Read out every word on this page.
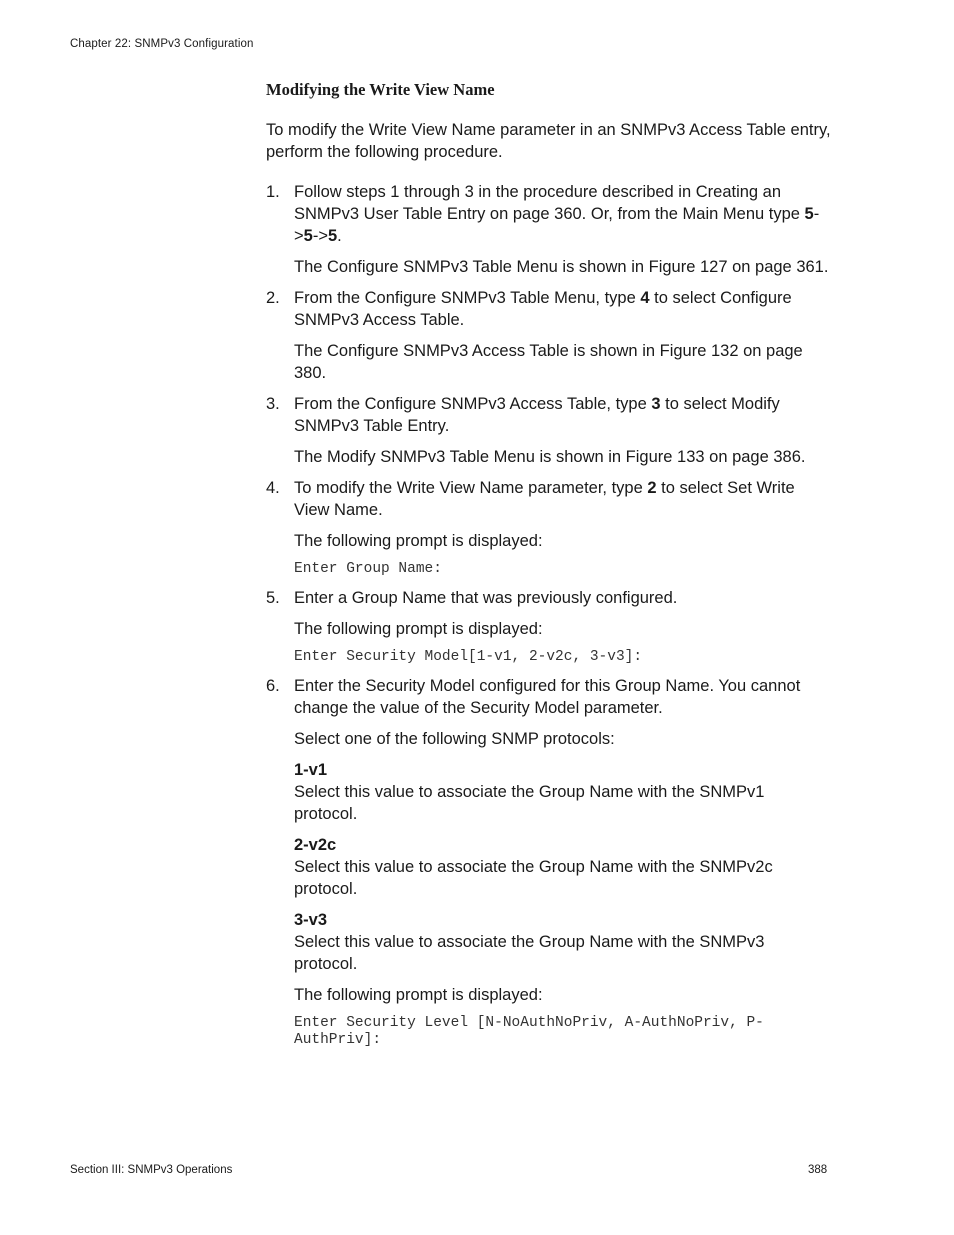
Chapter 22: SNMPv3 Configuration
Modifying the Write View Name

To modify the Write View Name parameter in an SNMPv3 Access Table entry, perform the following procedure.

1. Follow steps 1 through 3 in the procedure described in Creating an SNMPv3 User Table Entry on page 360. Or, from the Main Menu type 5->5->5.

The Configure SNMPv3 Table Menu is shown in Figure 127 on page 361.

2. From the Configure SNMPv3 Table Menu, type 4 to select Configure SNMPv3 Access Table.

The Configure SNMPv3 Access Table is shown in Figure 132 on page 380.

3. From the Configure SNMPv3 Access Table, type 3 to select Modify SNMPv3 Table Entry.

The Modify SNMPv3 Table Menu is shown in Figure 133 on page 386.

4. To modify the Write View Name parameter, type 2 to select Set Write View Name.

The following prompt is displayed:

Enter Group Name:
5. Enter a Group Name that was previously configured.

The following prompt is displayed:

Enter Security Model[1-v1, 2-v2c, 3-v3]:
6. Enter the Security Model configured for this Group Name. You cannot change the value of the Security Model parameter.

Select one of the following SNMP protocols:

1-v1

Select this value to associate the Group Name with the SNMPv1 protocol.

2-v2c

Select this value to associate the Group Name with the SNMPv2c protocol.

3-v3

Select this value to associate the Group Name with the SNMPv3 protocol.

The following prompt is displayed:

Enter Security Level [N-NoAuthNoPriv, A-AuthNoPriv, P-AuthPriv]:
Section III: SNMPv3 Operations	388
